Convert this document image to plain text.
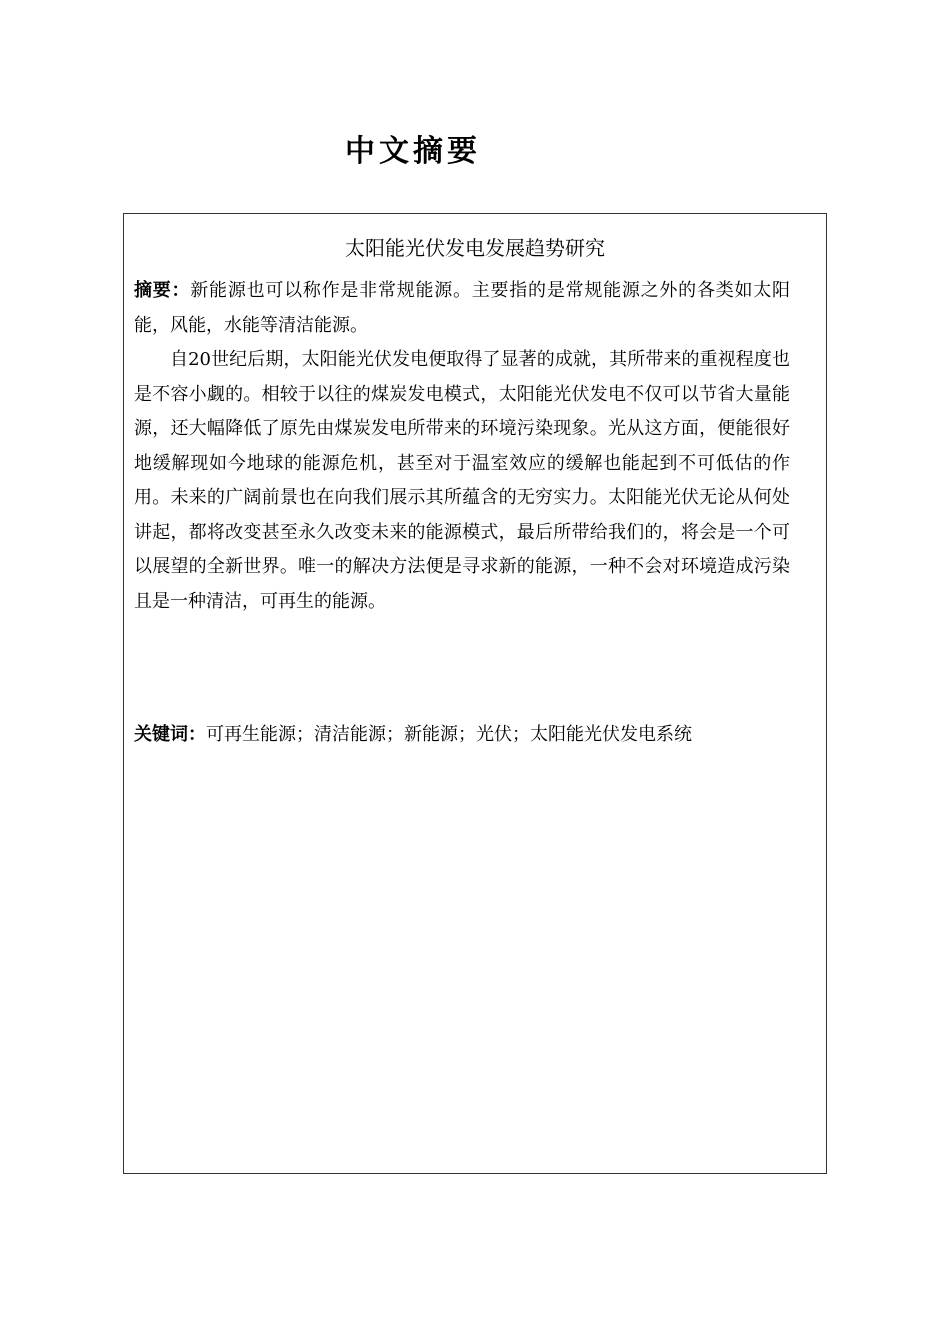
中文摘要
太阳能光伏发电发展趋势研究

摘要：新能源也可以称作是非常规能源。主要指的是常规能源之外的各类如太阳能，风能，水能等清洁能源。

自20世纪后期，太阳能光伏发电便取得了显著的成就，其所带来的重视程度也是不容小觑的。相较于以往的煤炭发电模式，太阳能光伏发电不仅可以节省大量能源，还大幅降低了原先由煤炭发电所带来的环境污染现象。光从这方面，便能很好地缓解现如今地球的能源危机，甚至对于温室效应的缓解也能起到不可低估的作用。未来的广阔前景也在向我们展示其所蕴含的无穷实力。太阳能光伏无论从何处讲起，都将改变甚至永久改变未来的能源模式，最后所带给我们的，将会是一个可以展望的全新世界。唯一的解决方法便是寻求新的能源，一种不会对环境造成污染且是一种清洁，可再生的能源。

关键词：可再生能源；清洁能源；新能源；光伏；太阳能光伏发电系统
